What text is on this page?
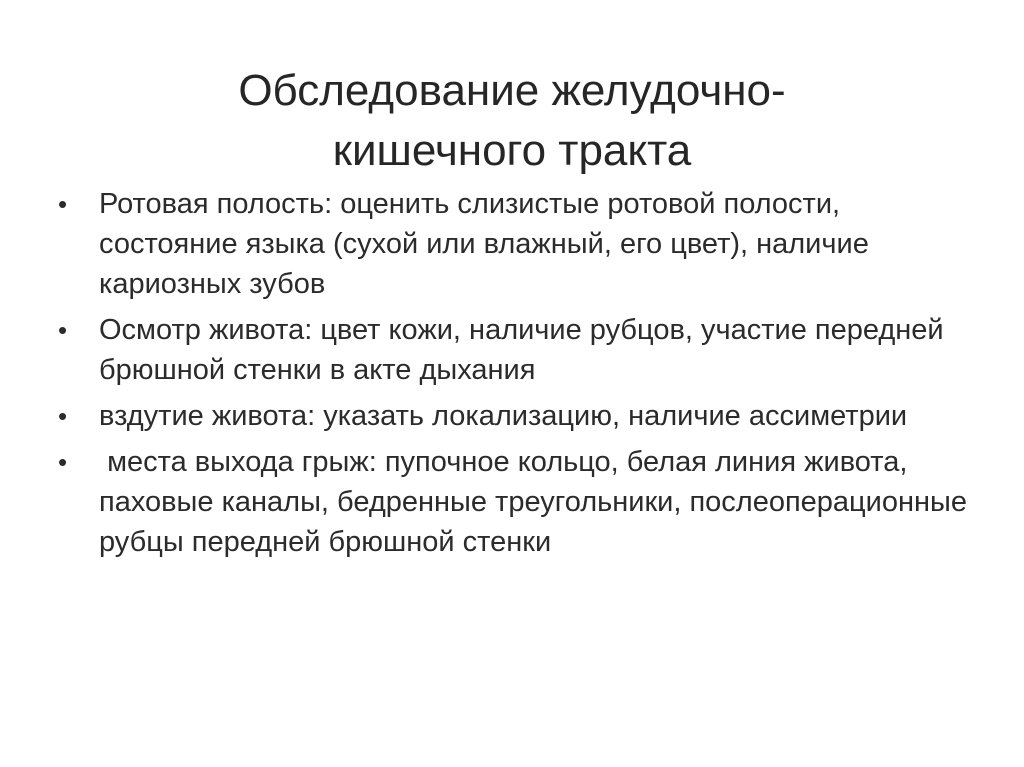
Обследование желудочно-
кишечного тракта
•	Ротовая полость: оценить слизистые ротовой полости, состояние языка (сухой или влажный, его цвет), наличие кариозных зубов
•	Осмотр живота: цвет кожи, наличие рубцов, участие передней брюшной стенки в акте дыхания
•	вздутие живота: указать локализацию, наличие ассиметрии
•	места выхода грыж: пупочное кольцо, белая линия живота, паховые каналы, бедренные треугольники, послеоперационные рубцы передней брюшной стенки
